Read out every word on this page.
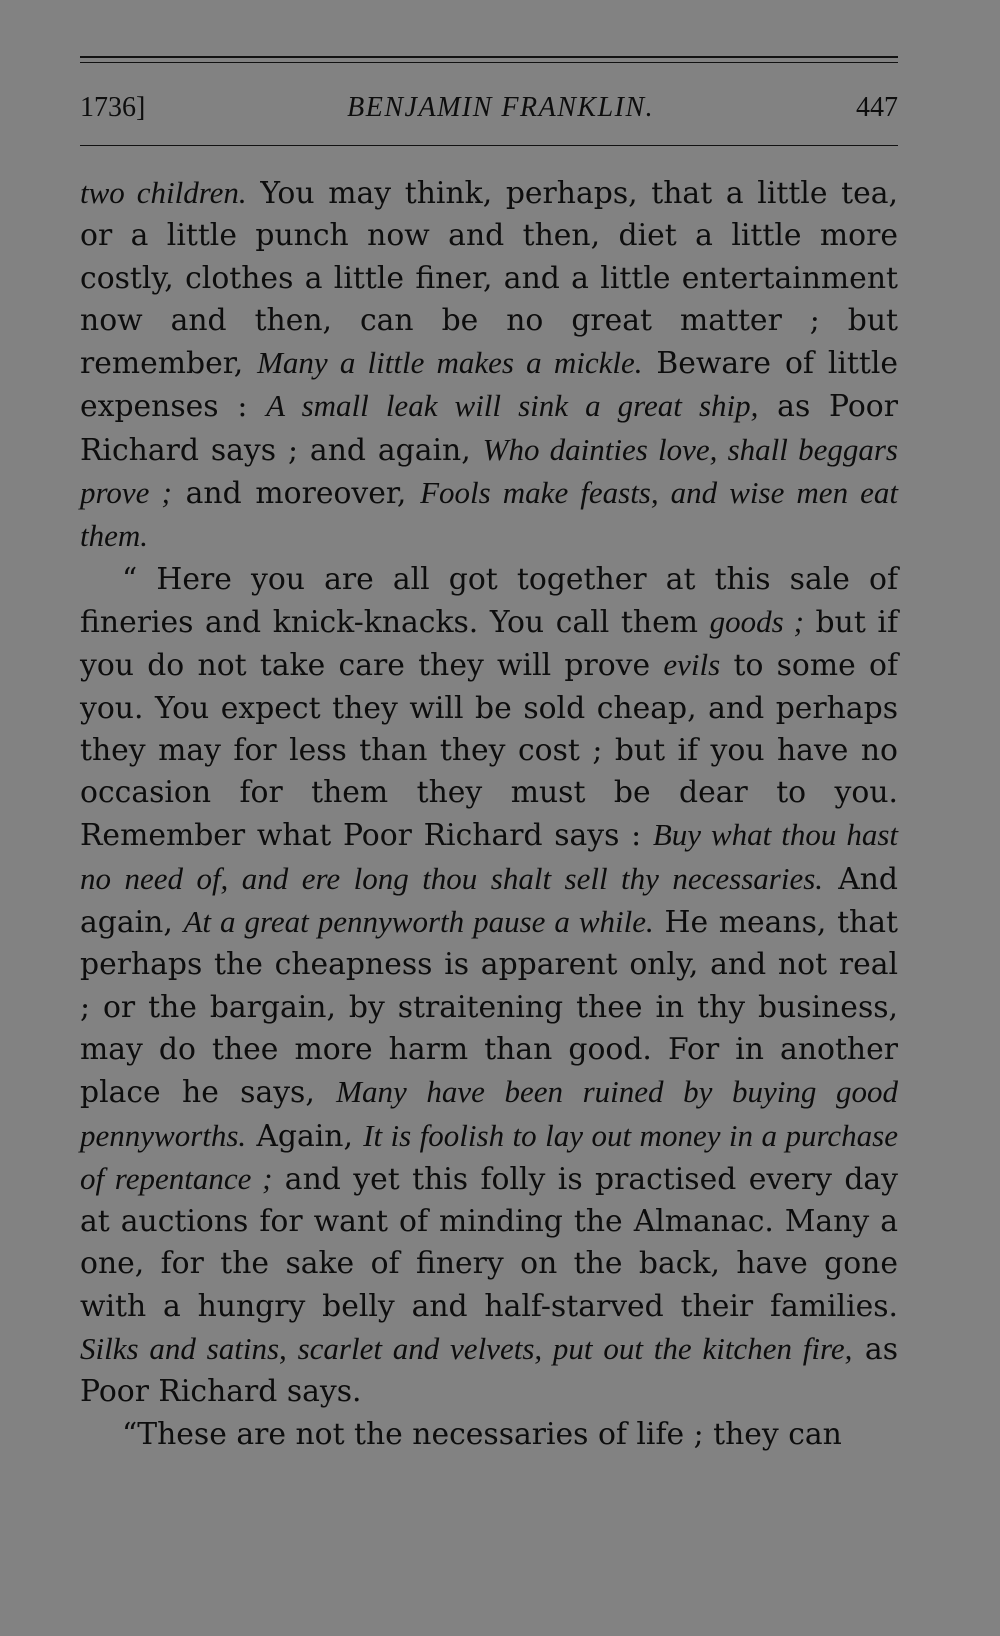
1736]	BENJAMIN FRANKLIN.	447

two children. You may think, perhaps, that a little tea, or a little punch now and then, diet a little more costly, clothes a little finer, and a little entertainment now and then, can be no great matter ; but remember, Many a little makes a mickle. Beware of little expenses : A small leak will sink a great ship, as Poor Richard says ; and again, Who dainties love, shall beggars prove ; and moreover, Fools make feasts, and wise men eat them.

“ Here you are all got together at this sale of fineries and knick-knacks. You call them goods ; but if you do not take care they will prove evils to some of you. You expect they will be sold cheap, and perhaps they may for less than they cost ; but if you have no occasion for them they must be dear to you. Remember what Poor Richard says : Buy what thou hast no need of, and ere long thou shalt sell thy necessaries. And again, At a great pennyworth pause a while. He means, that perhaps the cheapness is apparent only, and not real ; or the bargain, by straitening thee in thy business, may do thee more harm than good. For in another place he says, Many have been ruined by buying good pennyworths. Again, It is foolish to lay out money in a purchase of repentance ; and yet this folly is practised every day at auctions for want of minding the Almanac. Many a one, for the sake of finery on the back, have gone with a hungry belly and half-starved their families. Silks and satins, scarlet and velvets, put out the kitchen fire, as Poor Richard says.

“These are not the necessaries of life ; they can
